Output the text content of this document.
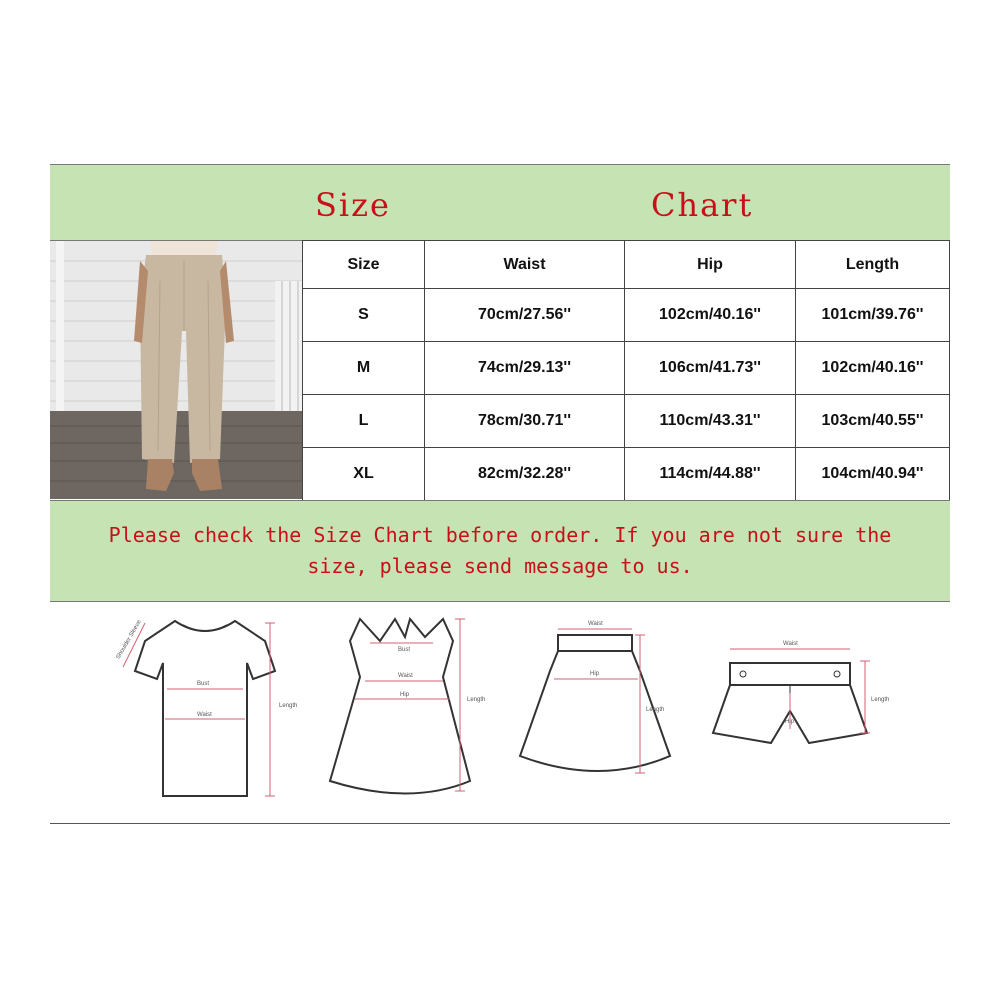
Size	Chart
Size	Waist	Hip	Length
S	70cm/27.56''	102cm/40.16''	101cm/39.76''
M	74cm/29.13''	106cm/41.73''	102cm/40.16''
L	78cm/30.71''	110cm/43.31''	103cm/40.55''
XL	82cm/32.28''	114cm/44.88''	104cm/40.94''
Please check the Size Chart before order. If you are not sure the
size, please send message to us.
Shoulder Sleeve
Bust
Waist
Length
Bust
Waist
Hip
Length
Waist
Hip
Length
Waist
Hip
Length
